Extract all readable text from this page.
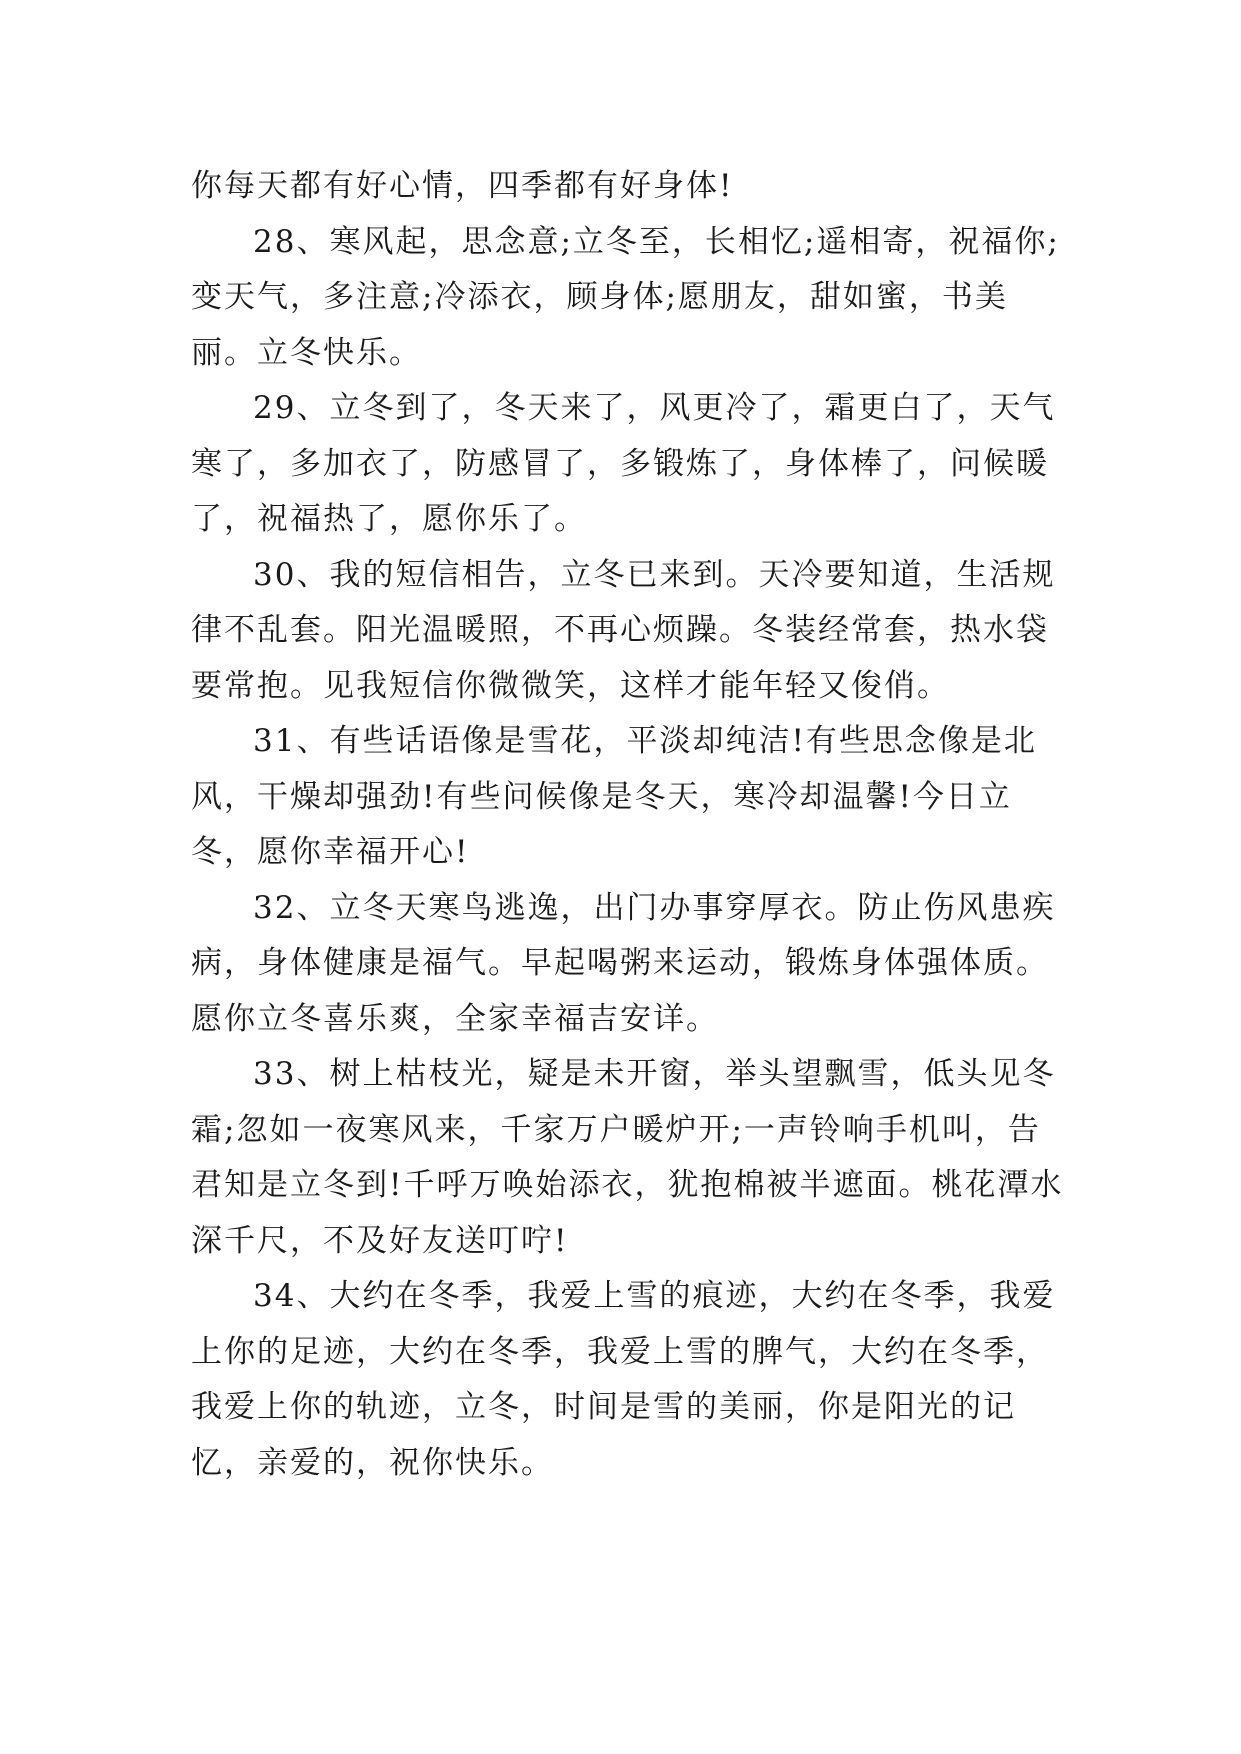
你每天都有好心情，四季都有好身体!

28、寒风起，思念意;立冬至，长相忆;遥相寄，祝福你;变天气，多注意;冷添衣，顾身体;愿朋友，甜如蜜，书美丽。立冬快乐。

29、立冬到了，冬天来了，风更冷了，霜更白了，天气寒了，多加衣了，防感冒了，多锻炼了，身体棒了，问候暖了，祝福热了，愿你乐了。

30、我的短信相告，立冬已来到。天冷要知道，生活规律不乱套。阳光温暖照，不再心烦躁。冬装经常套，热水袋要常抱。见我短信你微微笑，这样才能年轻又俊俏。

31、有些话语像是雪花，平淡却纯洁!有些思念像是北风，干燥却强劲!有些问候像是冬天，寒冷却温馨!今日立冬，愿你幸福开心!

32、立冬天寒鸟逃逸，出门办事穿厚衣。防止伤风患疾病，身体健康是福气。早起喝粥来运动，锻炼身体强体质。愿你立冬喜乐爽，全家幸福吉安详。

33、树上枯枝光，疑是未开窗，举头望飘雪，低头见冬霜;忽如一夜寒风来，千家万户暖炉开;一声铃响手机叫，告君知是立冬到!千呼万唤始添衣，犹抱棉被半遮面。桃花潭水深千尺，不及好友送叮咛!

34、大约在冬季，我爱上雪的痕迹，大约在冬季，我爱上你的足迹，大约在冬季，我爱上雪的脾气，大约在冬季，我爱上你的轨迹，立冬，时间是雪的美丽，你是阳光的记忆，亲爱的，祝你快乐。
